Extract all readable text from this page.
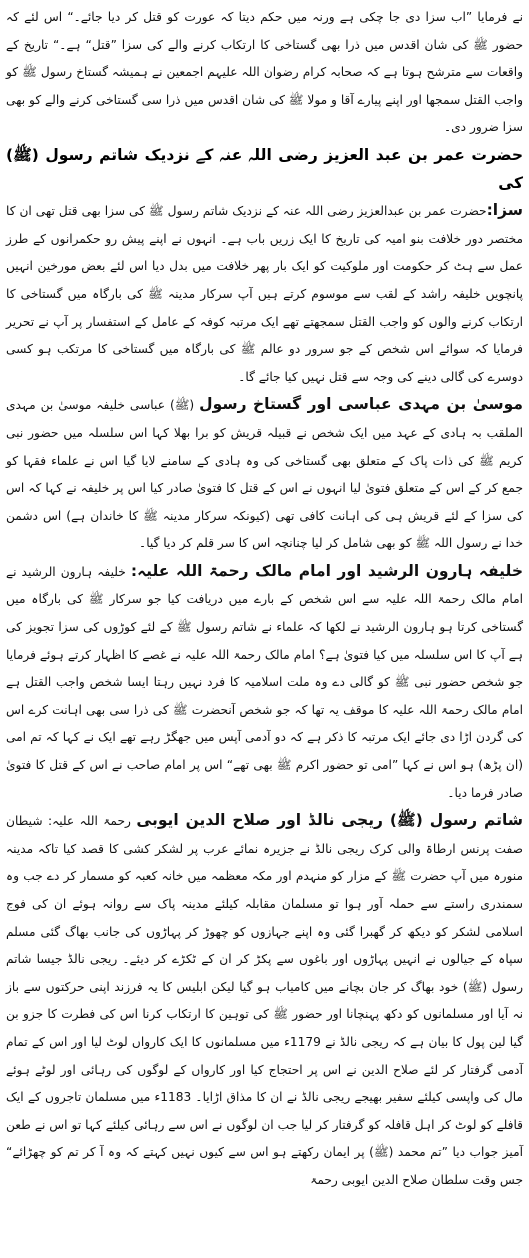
نے فرمایا ”اب سزا دی جا چکی ہے ورنہ میں حکم دیتا کہ عورت کو قتل کر دیا جائے۔“ اس لئے کہ حضور ﷺ کی شان اقدس میں ذرا بھی گستاخی کا ارتکاب کرنے والے کی سزا ”قتل“ ہے۔“ تاریخ کے واقعات سے مترشح ہوتا ہے کہ صحابہ کرام رضوان اللہ علیہم اجمعین نے ہمیشہ گستاخ رسول ﷺ کو واجب القتل سمجھا اور اپنے پیارے آقا و مولا ﷺ کی شان اقدس میں ذرا سی گستاخی کرنے والے کو بھی سزا ضرور دی۔

حضرت عمر بن عبد العزیز رضی اللہ عنہ کے نزدیک شاتم رسول (ﷺ) کی

سزا:حضرت عمر بن عبدالعزیز رضی اللہ عنہ کے نزدیک شاتم رسول ﷺ کی سزا بھی قتل تھی ان کا مختصر دور خلافت بنو امیہ کی تاریخ کا ایک زریں باب ہے۔ انہوں نے اپنے پیش رو حکمرانوں کے طرز عمل سے ہٹ کر حکومت اور ملوکیت کو ایک بار پھر خلافت میں بدل دیا اس لئے بعض مورخین انہیں پانچویں خلیفہ راشد کے لقب سے موسوم کرتے ہیں آپ سرکار مدینہ ﷺ کی بارگاہ میں گستاخی کا ارتکاب کرنے والوں کو واجب القتل سمجھتے تھے ایک مرتبہ کوفہ کے عامل کے استفسار پر آپ نے تحریر فرمایا کہ سوائے اس شخص کے جو سرور دو عالم ﷺ کی بارگاہ میں گستاخی کا مرتکب ہو کسی دوسرے کی گالی دینے کی وجہ سے قتل نہیں کیا جائے گا۔

موسیٰ بن مہدی عباسی اور گستاخ رسول (ﷺ) عباسی خلیفہ موسیٰ بن مہدی الملقب بہ ہادی کے عہد میں ایک شخص نے قبیلہ قریش کو برا بھلا کہا اس سلسلہ میں حضور نبی کریم ﷺ کی ذات پاک کے متعلق بھی گستاخی کی وہ ہادی کے سامنے لایا گیا اس نے علماء فقہا کو جمع کر کے اس کے متعلق فتویٰ لیا انہوں نے اس کے قتل کا فتویٰ صادر کیا اس پر خلیفہ نے کہا کہ اس کی سزا کے لئے قریش ہی کی اہانت کافی تھی (کیونکہ سرکار مدینہ ﷺ کا خاندان ہے) اس دشمن خدا نے رسول اللہ ﷺ کو بھی شامل کر لیا چنانچہ اس کا سر قلم کر دیا گیا۔

خلیفہ ہارون الرشید اور امام مالک رحمۃ اللہ علیہ: خلیفہ ہارون الرشید نے امام مالک رحمۃ اللہ علیہ سے اس شخص کے بارے میں دریافت کیا جو سرکار ﷺ کی بارگاہ میں گستاخی کرتا ہو ہارون الرشید نے لکھا کہ علماء نے شاتم رسول ﷺ کے لئے کوڑوں کی سزا تجویز کی ہے آپ کا اس سلسلہ میں کیا فتویٰ ہے؟ امام مالک رحمۃ اللہ علیہ نے غصے کا اظہار کرتے ہوئے فرمایا جو شخص حضور نبی ﷺ کو گالی دے وہ ملت اسلامیہ کا فرد نہیں رہتا ایسا شخص واجب القتل ہے امام مالک رحمۃ اللہ علیہ کا موقف یہ تھا کہ جو شخص آنحضرت ﷺ کی ذرا سی بھی اہانت کرے اس کی گردن اڑا دی جائے ایک مرتبہ کا ذکر ہے کہ دو آدمی آپس میں جھگڑ رہے تھے ایک نے کہا کہ تم امی (ان پڑھ) ہو اس نے کہا ”امی تو حضور اکرم ﷺ بھی تھے“ اس پر امام صاحب نے اس کے قتل کا فتویٰ صادر فرما دیا۔

شاتم رسول (ﷺ) ریجی نالڈ اور صلاح الدین ایوبی رحمۃ اللہ علیہ: شیطان صفت پرنس ارطاۃ والی کرک ریجی نالڈ نے جزیرہ نمائے عرب پر لشکر کشی کا قصد کیا تاکہ مدینہ منورہ میں آپ حضرت ﷺ کے مزار کو منہدم اور مکہ معظمہ میں خانہ کعبہ کو مسمار کر دے جب وہ سمندری راستے سے حملہ آور ہوا تو مسلمان مقابلہ کیلئے مدینہ پاک سے روانہ ہوئے ان کی فوج اسلامی لشکر کو دیکھ کر گھبرا گئی وہ اپنے جہازوں کو چھوڑ کر پہاڑوں کی جانب بھاگ گئی مسلم سپاہ کے جیالوں نے انہیں پہاڑوں اور باغوں سے پکڑ کر ان کے ٹکڑے کر دیئے۔ ریجی نالڈ جیسا شاتم رسول (ﷺ) خود بھاگ کر جان بچانے میں کامیاب ہو گیا لیکن ابلیس کا یہ فرزند اپنی حرکتوں سے باز نہ آیا اور مسلمانوں کو دکھ پہنچانا اور حضور ﷺ کی توہین کا ارتکاب کرنا اس کی فطرت کا جزو بن گیا لین پول کا بیان ہے کہ ریجی نالڈ نے 1179ء میں مسلمانوں کا ایک کارواں لوٹ لیا اور اس کے تمام آدمی گرفتار کر لئے صلاح الدین نے اس پر احتجاج کیا اور کارواں کے لوگوں کی رہائی اور لوٹے ہوئے مال کی واپسی کیلئے سفیر بھیجے ریجی نالڈ نے ان کا مذاق اڑایا۔ 1183ء میں مسلمان تاجروں کے ایک قافلے کو لوٹ کر اہل قافلہ کو گرفتار کر لیا جب ان لوگوں نے اس سے رہائی کیلئے کہا تو اس نے طعن آمیز جواب دیا ”تم محمد (ﷺ) پر ایمان رکھتے ہو اس سے کیوں نہیں کہتے کہ وہ آ کر تم کو چھڑائے“ جس وقت سلطان صلاح الدین ایوبی رحمۃ
